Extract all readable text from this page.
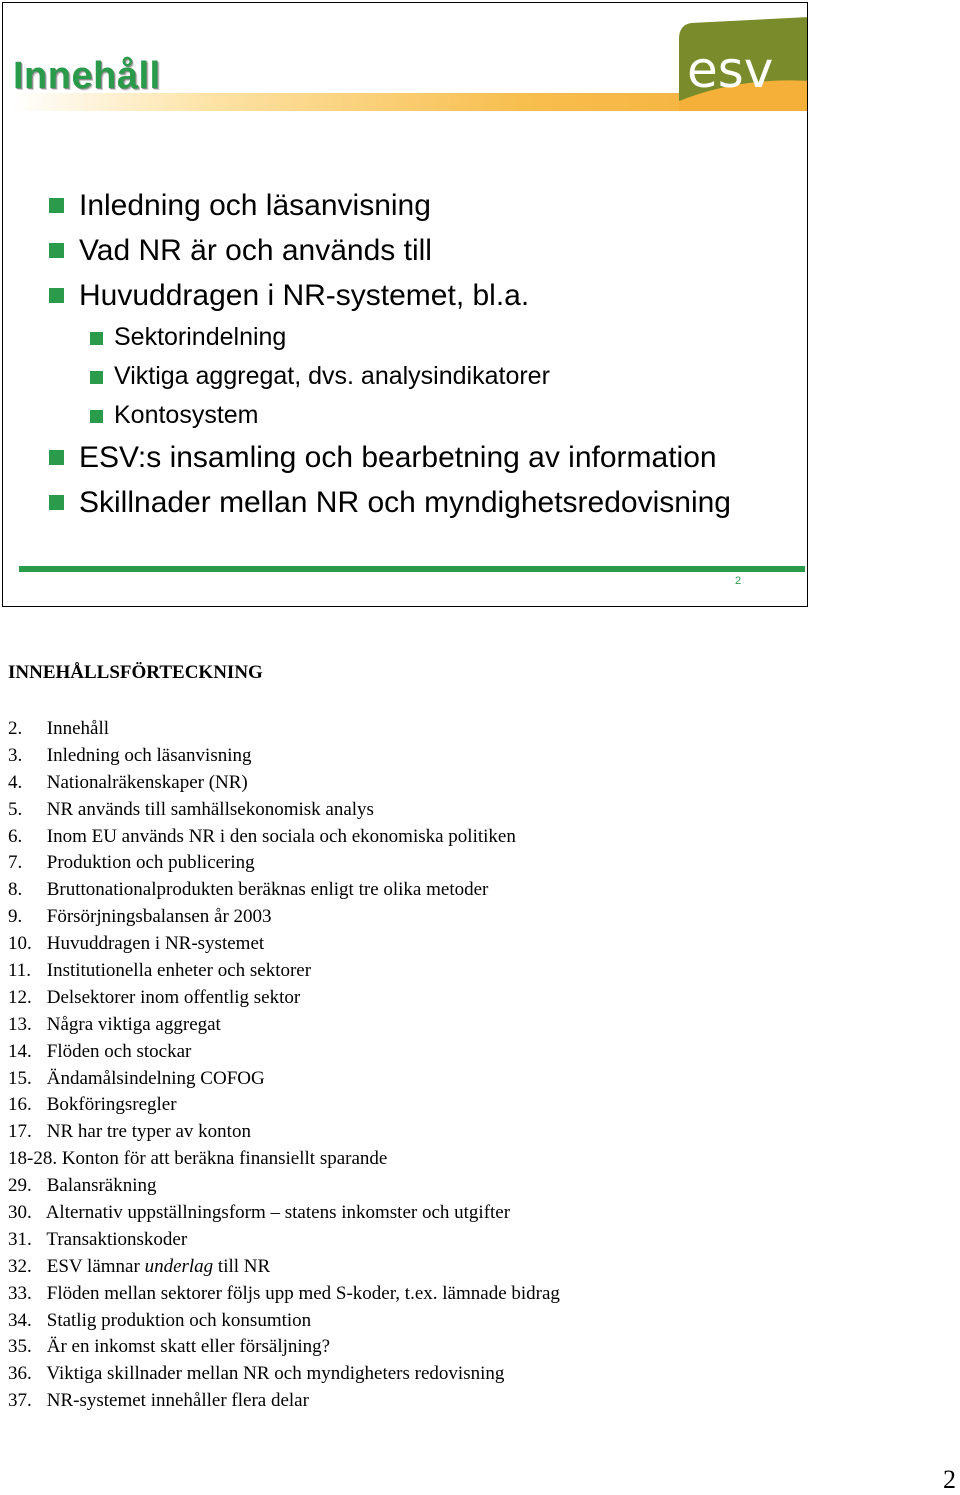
Innehåll	esv
Inledning och läsanvisning
Vad NR är och används till
Huvuddragen i NR-systemet, bl.a.
Sektorindelning
Viktiga aggregat, dvs. analysindikatorer
Kontosystem
ESV:s insamling och bearbetning av information
Skillnader mellan NR och myndighetsredovisning
2
INNEHÅLLSFÖRTECKNING
2. Innehåll
3. Inledning och läsanvisning
4. Nationalräkenskaper (NR)
5. NR används till samhällsekonomisk analys
6. Inom EU används NR i den sociala och ekonomiska politiken
7. Produktion och publicering
8. Bruttonationalprodukten beräknas enligt tre olika metoder
9. Försörjningsbalansen år 2003
10. Huvuddragen i NR-systemet
11. Institutionella enheter och sektorer
12. Delsektorer inom offentlig sektor
13. Några viktiga aggregat
14. Flöden och stockar
15. Ändamålsindelning COFOG
16. Bokföringsregler
17. NR har tre typer av konton
18-28. Konton för att beräkna finansiellt sparande
29. Balansräkning
30. Alternativ uppställningsform – statens inkomster och utgifter
31. Transaktionskoder
32. ESV lämnar underlag till NR
33. Flöden mellan sektorer följs upp med S-koder, t.ex. lämnade bidrag
34. Statlig produktion och konsumtion
35. Är en inkomst skatt eller försäljning?
36. Viktiga skillnader mellan NR och myndigheters redovisning
37. NR-systemet innehåller flera delar
2
